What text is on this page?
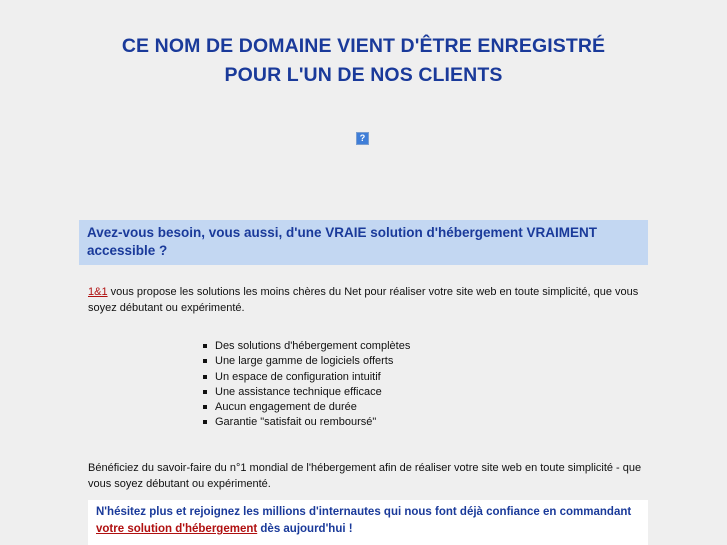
CE NOM DE DOMAINE VIENT D'ÊTRE ENREGISTRÉ
POUR L'UN DE NOS CLIENTS
?
Avez-vous besoin, vous aussi, d'une VRAIE solution d'hébergement VRAIMENT accessible ?
1&1 vous propose les solutions les moins chères du Net pour réaliser votre site web en toute simplicité, que vous soyez débutant ou expérimenté.
Des solutions d'hébergement complètes
Une large gamme de logiciels offerts
Un espace de configuration intuitif
Une assistance technique efficace
Aucun engagement de durée
Garantie "satisfait ou remboursé"
Bénéficiez du savoir-faire du n°1 mondial de l'hébergement afin de réaliser votre site web en toute simplicité - que vous soyez débutant ou expérimenté.
N'hésitez plus et rejoignez les millions d'internautes qui nous font déjà confiance en commandant votre solution d'hébergement dès aujourd'hui !
